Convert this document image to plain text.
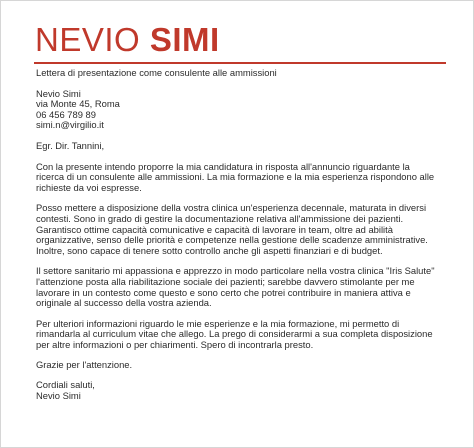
NEVIO SIMI

Lettera di presentazione come consulente alle ammissioni

Nevio Simi

via Monte 45, Roma

06 456 789 89

simi.n@virgilio.it

Egr. Dir. Tannini,

Con la presente intendo proporre la mia candidatura in risposta all'annuncio riguardante la ricerca di un consulente alle ammissioni. La mia formazione e la mia esperienza rispondono alle richieste da voi espresse.

Posso mettere a disposizione della vostra clinica un'esperienza decennale, maturata in diversi contesti. Sono in grado di gestire la documentazione relativa all'ammissione dei pazienti. Garantisco ottime capacità comunicative e capacità di lavorare in team, oltre ad abilità organizzative, senso delle priorità e competenze nella gestione delle scadenze amministrative. Inoltre, sono capace di tenere sotto controllo anche gli aspetti finanziari e di budget.

Il settore sanitario mi appassiona e apprezzo in modo particolare nella vostra clinica "Iris Salute" l'attenzione posta alla riabilitazione sociale dei pazienti; sarebbe davvero stimolante per me lavorare in un contesto come questo e sono certo che potrei contribuire in maniera attiva e originale al successo della vostra azienda.

Per ulteriori informazioni riguardo le mie esperienze e la mia formazione, mi permetto di rimandarla al curriculum vitae che allego. La prego di considerarmi a sua completa disposizione per altre informazioni o per chiarimenti. Spero di incontrarla presto.

Grazie per l'attenzione.

Cordiali saluti,

Nevio Simi
